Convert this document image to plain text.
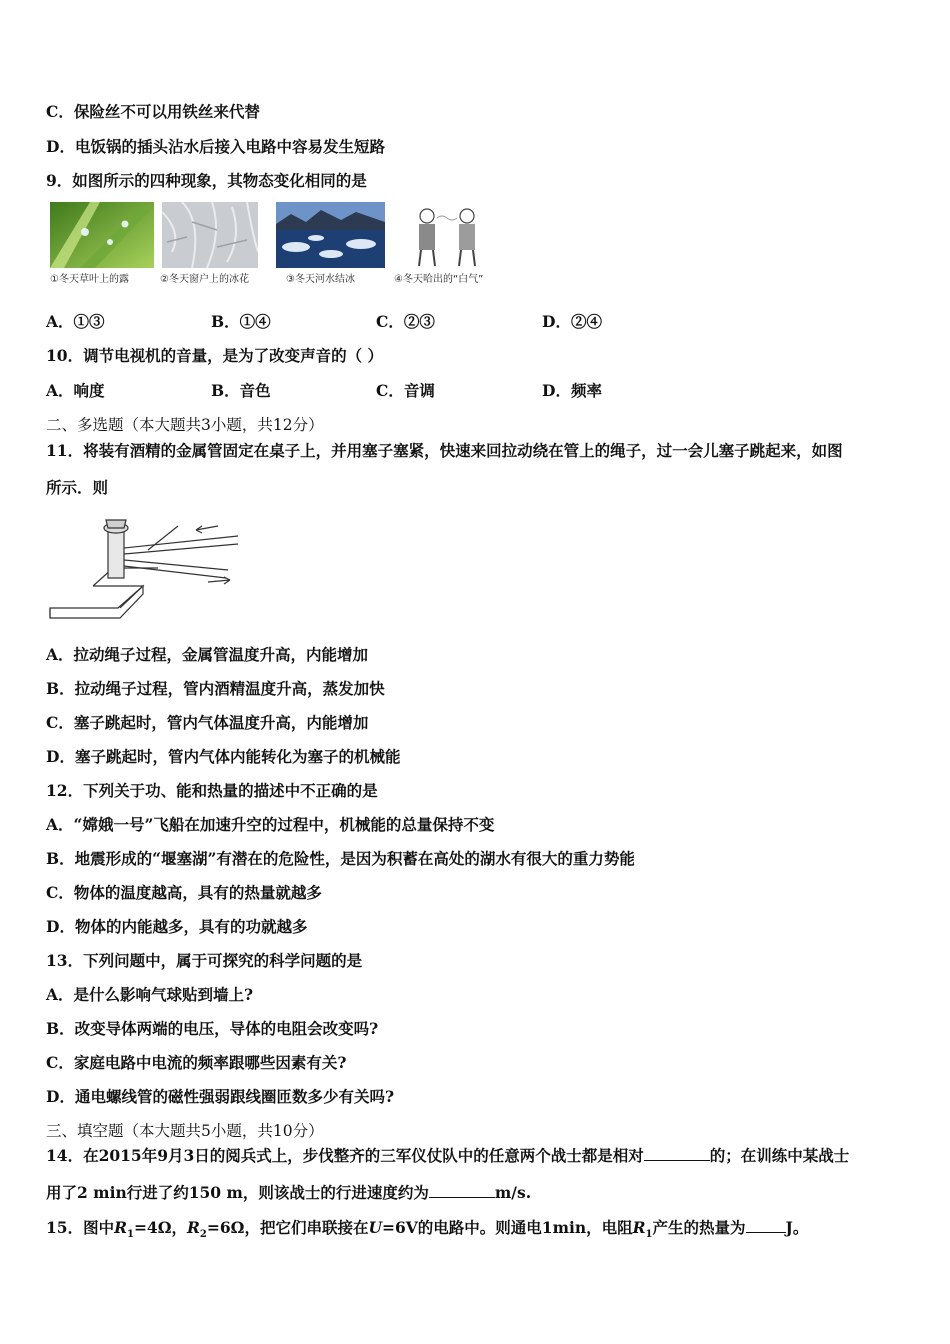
C．保险丝不可以用铁丝来代替
D．电饭锅的插头沾水后接入电路中容易发生短路
9．如图所示的四种现象，其物态变化相同的是
①冬天草叶上的露	②冬天窗户上的冰花	③冬天河水结冰	④冬天哈出的“白气”
A．①③	B．①④	C．②③	D．②④
10．调节电视机的音量，是为了改变声音的（ ）
A．响度	B．音色	C．音调	D．频率
二、多选题（本大题共3小题，共12分）
11．将装有酒精的金属管固定在桌子上，并用塞子塞紧，快速来回拉动绕在管上的绳子，过一会儿塞子跳起来，如图
所示．则
A．拉动绳子过程，金属管温度升高，内能增加
B．拉动绳子过程，管内酒精温度升高，蒸发加快
C．塞子跳起时，管内气体温度升高，内能增加
D．塞子跳起时，管内气体内能转化为塞子的机械能
12．下列关于功、能和热量的描述中不正确的是
A．“嫦娥一号”飞船在加速升空的过程中，机械能的总量保持不变
B．地震形成的“堰塞湖”有潜在的危险性，是因为积蓄在高处的湖水有很大的重力势能
C．物体的温度越高，具有的热量就越多
D．物体的内能越多，具有的功就越多
13．下列问题中，属于可探究的科学问题的是
A．是什么影响气球贴到墙上?
B．改变导体两端的电压，导体的电阻会改变吗?
C．家庭电路中电流的频率跟哪些因素有关?
D．通电螺线管的磁性强弱跟线圈匝数多少有关吗?
三、填空题（本大题共5小题，共10分）
14．在2015年9月3日的阅兵式上，步伐整齐的三军仪仗队中的任意两个战士都是相对	的；在训练中某战士
用了2 min行进了约150 m，则该战士的行进速度约为	m/s.
15．图中$R_1=4\Omega$，$R_2=6\Omega$，把它们串联接在U=6V的电路中。则通电1min，电阻$R_1$产生的热量为	J。
